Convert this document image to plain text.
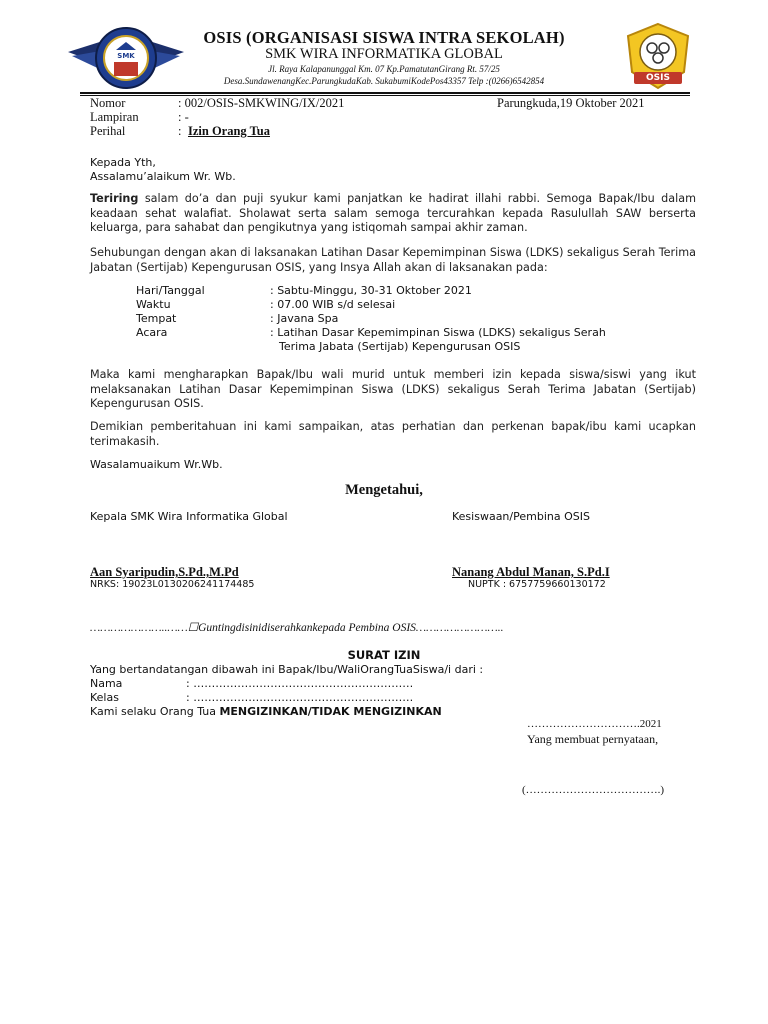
SMK
OSIS
OSIS (ORGANISASI SISWA INTRA SEKOLAH)
SMK WIRA INFORMATIKA GLOBAL
Jl. Raya Kalapanunggal Km. 07 Kp.PamatutanGirang Rt. 57/25
Desa.SundawenangKec.ParungkudaKab. SukabumiKodePos43357 Telp :(0266)6542854
Nomor	: 002/OSIS-SMKWING/IX/2021	Parungkuda,19 Oktober 2021
Lampiran	: -
Perihal	: Izin Orang Tua
Kepada Yth,
Assalamu’alaikum Wr. Wb.
Teriring salam do’a dan puji syukur kami panjatkan ke hadirat illahi rabbi. Semoga Bapak/Ibu dalam keadaan sehat walafiat. Sholawat serta salam semoga tercurahkan kepada Rasulullah SAW berserta keluarga, para sahabat dan pengikutnya yang istiqomah sampai akhir zaman.
Sehubungan dengan akan di laksanakan Latihan Dasar Kepemimpinan Siswa (LDKS) sekaligus Serah Terima Jabatan (Sertijab) Kepengurusan OSIS, yang Insya Allah akan di laksanakan pada:
Hari/Tanggal	: Sabtu-Minggu, 30-31 Oktober 2021
Waktu	: 07.00 WIB s/d selesai
Tempat	: Javana Spa
Acara	: Latihan Dasar Kepemimpinan Siswa (LDKS) sekaligus Serah
Terima Jabata (Sertijab) Kepengurusan OSIS
Maka kami mengharapkan Bapak/Ibu wali murid untuk memberi izin kepada siswa/siswi yang ikut melaksanakan Latihan Dasar Kepemimpinan Siswa (LDKS) sekaligus Serah Terima Jabatan (Sertijab) Kepengurusan OSIS.
Demikian pemberitahuan ini kami sampaikan, atas perhatian dan perkenan bapak/ibu kami ucapkan terimakasih.
Wasalamuaikum Wr.Wb.
Mengetahui,
Kepala SMK Wira Informatika Global	Kesiswaan/Pembina OSIS
Aan Syaripudin,S.Pd.,M.Pd
NRKS: 19023L0130206241174485
Nanang Abdul Manan, S.Pd.I
NUPTK : 6757759660130172
…………………..……☐Guntingdisinidiserahkankepada Pembina OSIS……………………..
SURAT IZIN
Yang bertandatangan dibawah ini Bapak/Ibu/WaliOrangTuaSiswa/i dari :
Nama	: ……………………………………………………
Kelas	: ……………………………………………………
Kami selaku Orang Tua MENGIZINKAN/TIDAK MENGIZINKAN
………………………….2021
Yang membuat pernyataan,
(……………………………….)
